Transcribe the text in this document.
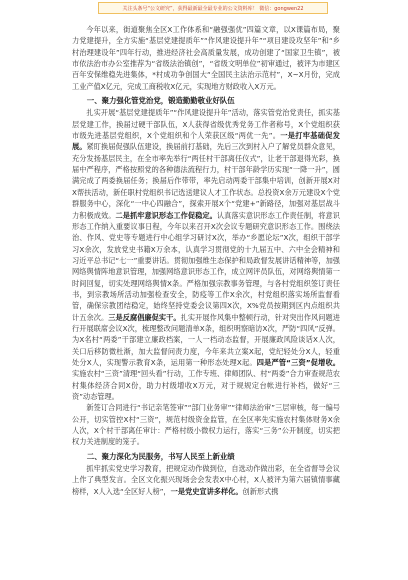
关注头条号“公文研究”，获得最新最全最专业的公文资料库！ 微信：gongwen22

今年以来，街道聚焦全区X工作体系和“融强强优”四篇文章，以X课篇布局，聚力党建提升，全方实施“基层党建提质年”“作风建设提升年”“项目建设攻坚年”和“乡村治理建设年”四年行动，推进经济社会高质量发展，成功创建了“国家卫生镇”，被市依法治市办公室推荐为“省级法治镇创”，“省级文明单位”初审通过，被评为市建区百年安保维稳先进集体，*村成功争创国大“全国民主法治示范村”，X~X月份，完成工业产值X亿元，完成工商税收X亿元，实现地方财政收入X万元。

一、聚力强化管党治党，锻造勤勤敬业好队伍

扎实开展“基层党建提质年”“作风建设提升年”活动，落实管党治党责任，抓实基层党建工作，换届过硬干部队伍，X人获得省级优秀党务工作者称号，X个党组织获市级先进基层党组织，X个党组织和个人荣获区级“两优一先”。一是打牢基础促发展。紧盯换届促强队伍建设，换届前打基础，先后三次到村入户了解党员群众意见，充分发扬基层民主，在全市率先举行“两任村干部离任仪式”，让老干部退得光彩，换届中严程序，严格按照党的各种德法流程行力，村干部年龄学历实现“一降一升”，圆满完成了两委换届任务；换届后作带带，率先启动两委干部集中培训，创新开展X对X帮扶活动，新任职村党组织书记选送建议人才工作状态。总投资X余万元建设X个党群服务中心，深化“一中心四融合”，探索开展X个“党建+”新路径，加强对基层战斗力积极成效。二是抓牢意识形态工作促稳定。认真落实意识形态工作责任制，将意识形态工作纳入重要议事日程，今年以来召开X次会议专题研究意识形态工作。围绕法治、作风、党史等专题进行中心组学习研讨X次，举办“乡愿论坛”X次，组织干部学习X余次，发放党史书籍X万余本，认真学习贯彻党的十九届五中、六中全会精神和习近平总书记“七一”重要讲话。贯彻加强维生态保护和局政督发展讲话精神等，加强网络舆情阵地意识管理，加强网络意识形态工作，成立网评员队伍，对网络舆情第一时间回复，切实处理网络舆情X条。严格加强宗教事务管理，与各村党组织签订责任书，到宗教场所活动加强检查安全，防疫等工作X余次，村党组织落实场所监督看管，确保宗教团结稳定，始终坚持党委会议第四X次，X%党员按期到区内点组织共计五余次。三是反腐倡廉促实干。扎实开展作风集中整顿行动，针对突出作风问题进行开展联席会议X次，梳理整改问题清单X条，组织明察暗访X次，严防“四风”反弹。为X名村“两委”干部建立廉政档案，一人一档动态监督，开展廉政风险谈话X人次，关口后移防微杜渐，加大监督问责力度，今年来共立案X起，党纪轻处分X人，轻重处分X人，实现警示教育X条，运用第一种形态处理X起。四是严管“三资”促增收。实施农村“三资”清理“回头看”行动，工作专班、律师团队、村“两委”合力审查规范农村集体经济合同X份，助力村级增收X万元，对于规规定台帐进行补档，做好“三资”动态管理。

新签订合同进行“书记亲笔签审”“部门业务审”“律师法治审”三层审核，每一编号公开，切实管控X村“三资”，规范村级资金监管，在全区率先实施农村集体财务X余人次，X个村干部离任审计：严格村级小微权力运行，落实“三务”公开制度，切实把权力关进制度的笼子。

二、聚力深化为民服务，书写人民至上新业绩

抓牢抓实党史学习教育，把规定动作做到位，自选动作做出彩，在全省督导会议上作了典型发言。全区文化振兴现场会会发表X中心村，X人被评为第六届镇情事藏榜样，X人入选“全区好人榜”，一是党史宣讲多样化。创新形式携
